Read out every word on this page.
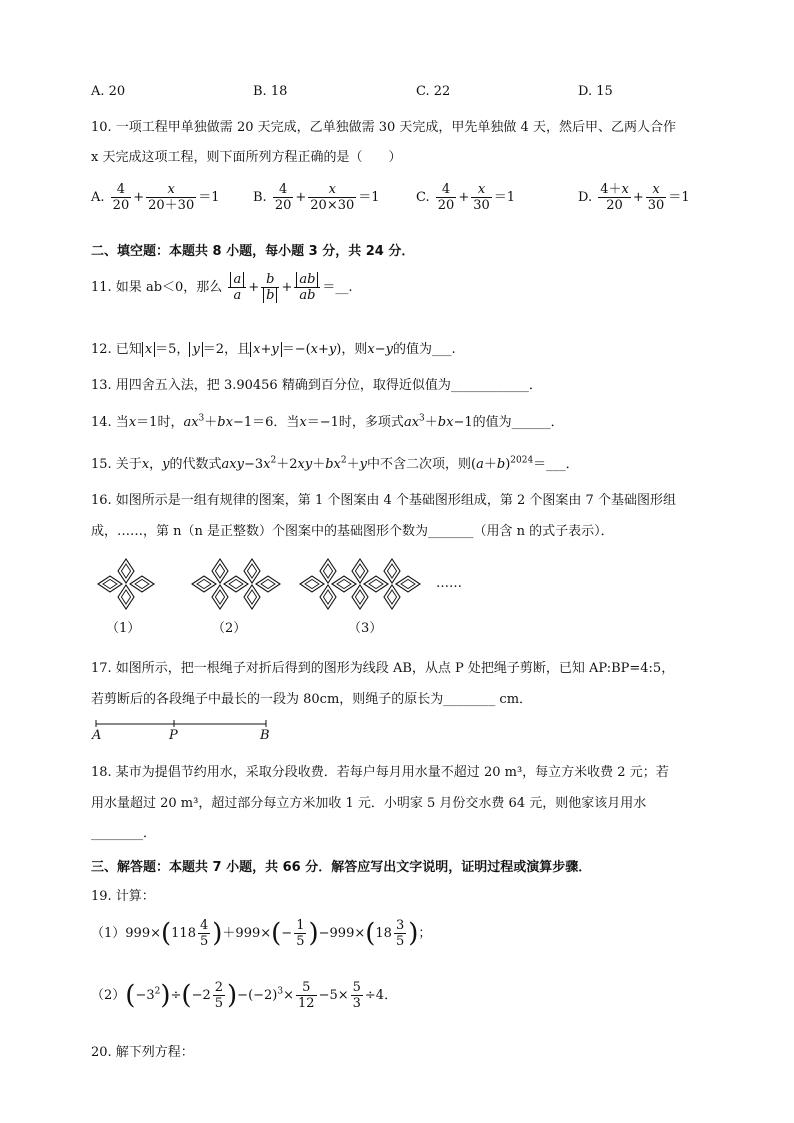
A. 20	B. 18	C. 22	D. 15
10. 一项工程甲单独做需 20 天完成，乙单独做需 30 天完成，甲先单独做 4 天，然后甲、乙两人合作
x 天完成这项工程，则下面所列方程正确的是（　　）
A. $\frac{4}{20} + \frac{x}{20+30} =1$	B. $\frac{4}{20} + \frac{x}{20\times 30} =1$	C. $\frac{4}{20} + \frac{x}{30} =1$	D. $\frac{4+x}{20} + \frac{x}{30} =1$
二、填空题：本题共 8 小题，每小题 3 分，共 24 分．
11. 如果 ab＜0，那么 $\frac{a}{a} + \frac{b}{b} + \frac{ab}{ab}$ ＝__.
12. 已知 x ＝5， y ＝2，且 x+y ＝−(x+y)，则x−y的值为___.
13. 用四舍五入法，把 3.90456 精确到百分位，取得近似值为____________．
14. 当x＝1时，$ax^3+bx-1=6$．当x＝−1时，多项式$ax^3+bx-1$的值为______．
15. 关于x，y的代数式$axy-3x^2+2xy+bx^2+y$中不含二次项，则$(a+b)^{2024}=\_\_\_$．
16. 如图所示是一组有规律的图案，第 1 个图案由 4 个基础图形组成，第 2 个图案由 7 个基础图形组
成，……，第 n（n 是正整数）个图案中的基础图形个数为_______（用含 n 的式子表示）．
（1）	（2）	（3）
……
17. 如图所示，把一根绳子对折后得到的图形为线段 AB，从点 P 处把绳子剪断，已知 AP:BP=4:5，
若剪断后的各段绳子中最长的一段为 80cm，则绳子的原长为________ cm．
A	P	B
18. 某市为提倡节约用水，采取分段收费．若每户每月用水量不超过 20 m³，每立方米收费 2 元；若
用水量超过 20 m³，超过部分每立方米加收 1 元．小明家 5 月份交水费 64 元，则他家该月用水
________．
三、解答题：本题共 7 小题，共 66 分．解答应写出文字说明，证明过程或演算步骤．
19. 计算：
$(1)999\times(118 \frac{4}{5} )+999\times(- \frac{1}{5} )-999\times(18 \frac{3}{5}$ )；
$(2)(-3^2)\div(-2 \frac{2}{5} )-(-2)^3\times \frac{5}{12} -5\times \frac{5}{3} \div 4$．
20. 解下列方程：
